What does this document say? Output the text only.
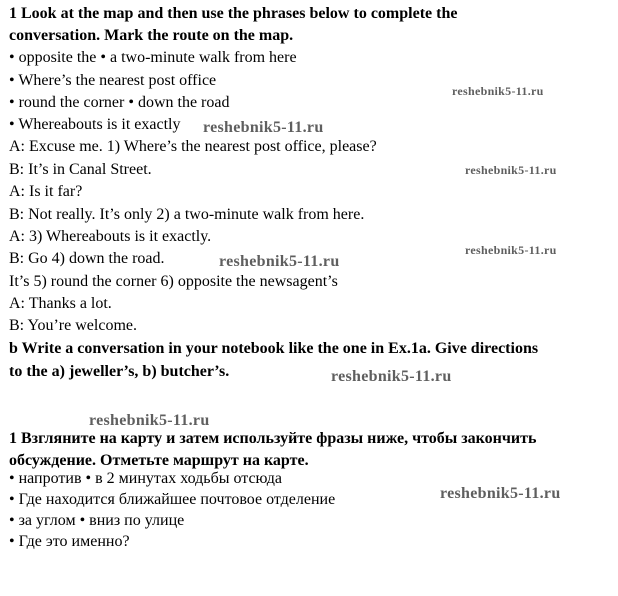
1 Look at the map and then use the phrases below to complete the
conversation. Mark the route on the map.
• opposite the • a two-minute walk from here
• Where’s the nearest post office
• round the corner • down the road
• Whereabouts is it exactly
A: Excuse me. 1) Where’s the nearest post office, please?
B: It’s in Canal Street.
A: Is it far?
B: Not really. It’s only 2) a two-minute walk from here.
A: 3) Whereabouts is it exactly.
B: Go 4) down the road.
It’s 5) round the corner 6) opposite the newsagent’s
A: Thanks a lot.
B: You’re welcome.
b Write a conversation in your notebook like the one in Ex.1a. Give directions
to the a) jeweller’s, b) butcher’s.
1 Взгляните на карту и затем используйте фразы ниже, чтобы закончить
обсуждение. Отметьте маршрут на карте.
• напротив • в 2 минутах ходьбы отсюда
• Где находится ближайшее почтовое отделение
• за углом • вниз по улице
• Где это именно?
reshebnik5-11.ru
reshebnik5-11.ru
reshebnik5-11.ru
reshebnik5-11.ru
reshebnik5-11.ru
reshebnik5-11.ru
reshebnik5-11.ru
reshebnik5-11.ru
